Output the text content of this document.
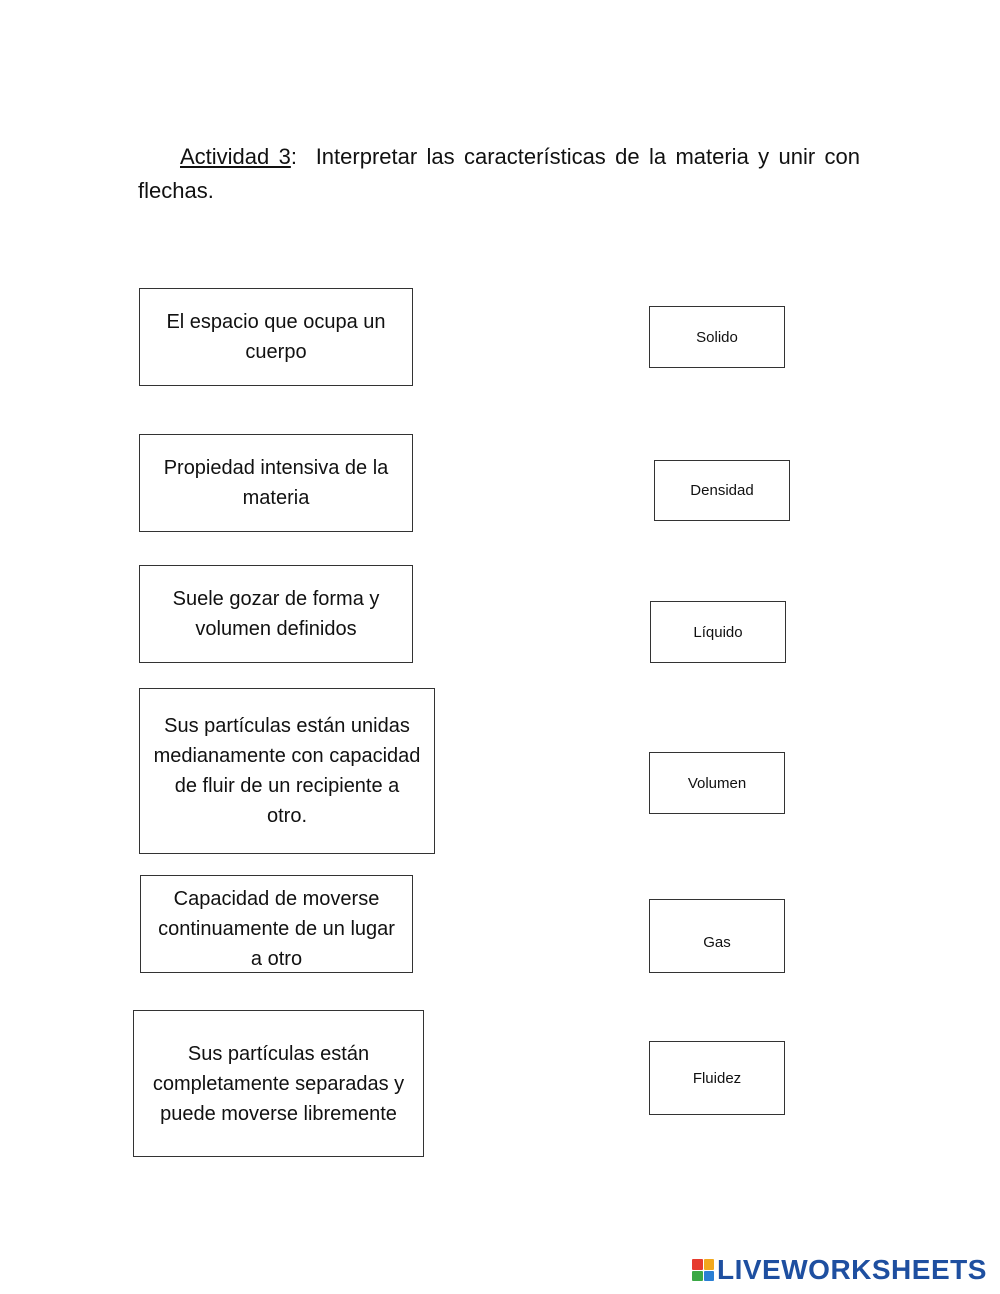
Actividad 3: Interpretar las características de la materia y unir con flechas.
El espacio que ocupa un cuerpo
Propiedad intensiva de la materia
Suele gozar de forma y volumen definidos
Sus partículas están unidas medianamente con capacidad de fluir de un recipiente a otro.
Capacidad de moverse continuamente de un lugar a otro
Sus partículas están completamente separadas y puede moverse libremente
Solido
Densidad
Líquido
Volumen
Gas
Fluidez
LIVEWORKSHEETS
